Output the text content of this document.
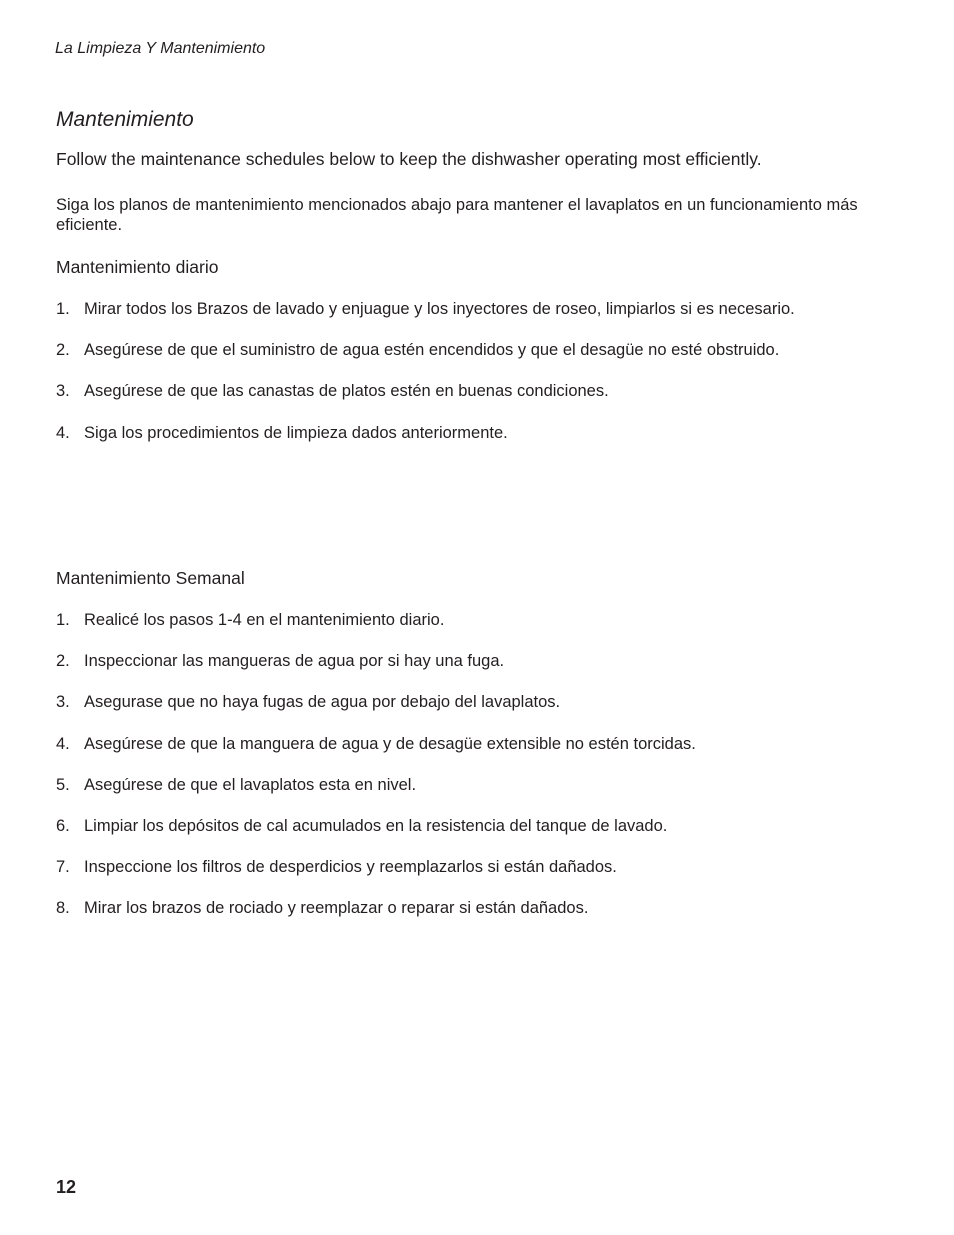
La Limpieza Y Mantenimiento
Mantenimiento
Follow the maintenance schedules below to keep the dishwasher operating most efficiently.
Siga los planos de mantenimiento mencionados abajo para mantener el lavaplatos en un funcionamiento más eficiente.
Mantenimiento diario
1. Mirar todos los Brazos de lavado y enjuague y los inyectores de roseo, limpiarlos si es necesario.
2. Asegúrese de que el suministro de agua estén encendidos y que el desagüe no esté obstruido.
3. Asegúrese de que las canastas de platos estén en buenas condiciones.
4. Siga los procedimientos de limpieza dados anteriormente.
Mantenimiento Semanal
1. Realicé los pasos 1-4 en el mantenimiento diario.
2. Inspeccionar las mangueras de agua por si hay una fuga.
3. Asegurase que no haya fugas de agua por debajo del lavaplatos.
4. Asegúrese de que la manguera de agua y de desagüe extensible no estén torcidas.
5. Asegúrese de que el lavaplatos esta en nivel.
6. Limpiar los depósitos de cal acumulados en la resistencia del tanque de lavado.
7. Inspeccione los filtros de desperdicios y reemplazarlos si están dañados.
8. Mirar los brazos de rociado y reemplazar o reparar si están dañados.
12
